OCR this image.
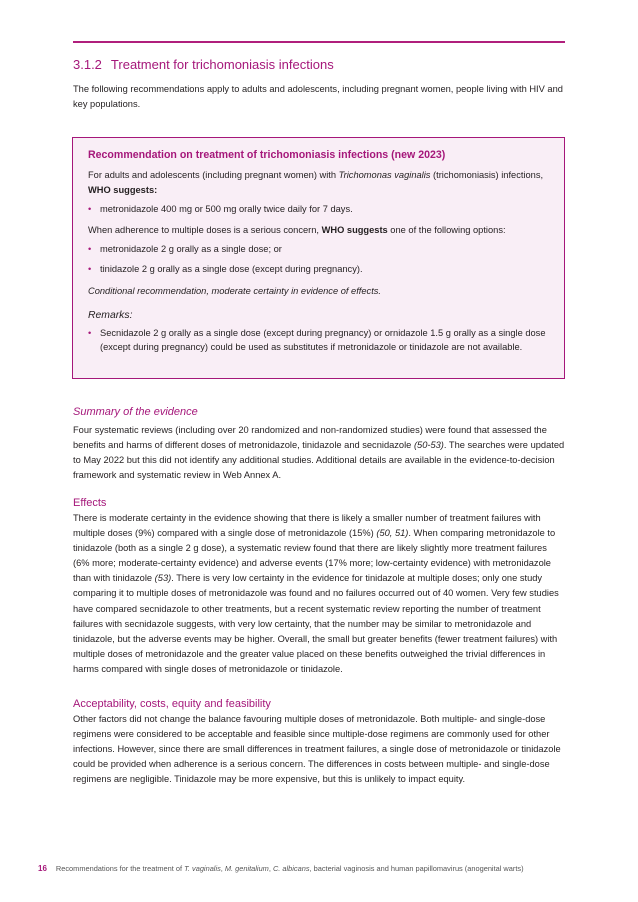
3.1.2 Treatment for trichomoniasis infections
The following recommendations apply to adults and adolescents, including pregnant women, people living with HIV and key populations.
Recommendation on treatment of trichomoniasis infections (new 2023)
For adults and adolescents (including pregnant women) with Trichomonas vaginalis (trichomoniasis) infections, WHO suggests:
• metronidazole 400 mg or 500 mg orally twice daily for 7 days.
When adherence to multiple doses is a serious concern, WHO suggests one of the following options:
• metronidazole 2 g orally as a single dose; or
• tinidazole 2 g orally as a single dose (except during pregnancy).
Conditional recommendation, moderate certainty in evidence of effects.
Remarks:
• Secnidazole 2 g orally as a single dose (except during pregnancy) or ornidazole 1.5 g orally as a single dose (except during pregnancy) could be used as substitutes if metronidazole or tinidazole are not available.
Summary of the evidence
Four systematic reviews (including over 20 randomized and non-randomized studies) were found that assessed the benefits and harms of different doses of metronidazole, tinidazole and secnidazole (50-53). The searches were updated to May 2022 but this did not identify any additional studies. Additional details are available in the evidence-to-decision framework and systematic review in Web Annex A.
Effects
There is moderate certainty in the evidence showing that there is likely a smaller number of treatment failures with multiple doses (9%) compared with a single dose of metronidazole (15%) (50, 51). When comparing metronidazole to tinidazole (both as a single 2 g dose), a systematic review found that there are likely slightly more treatment failures (6% more; moderate-certainty evidence) and adverse events (17% more; low-certainty evidence) with metronidazole than with tinidazole (53). There is very low certainty in the evidence for tinidazole at multiple doses; only one study comparing it to multiple doses of metronidazole was found and no failures occurred out of 40 women. Very few studies have compared secnidazole to other treatments, but a recent systematic review reporting the number of treatment failures with secnidazole suggests, with very low certainty, that the number may be similar to metronidazole and tinidazole, but the adverse events may be higher. Overall, the small but greater benefits (fewer treatment failures) with multiple doses of metronidazole and the greater value placed on these benefits outweighed the trivial differences in harms compared with single doses of metronidazole or tinidazole.
Acceptability, costs, equity and feasibility
Other factors did not change the balance favouring multiple doses of metronidazole. Both multiple- and single-dose regimens were considered to be acceptable and feasible since multiple-dose regimens are commonly used for other infections. However, since there are small differences in treatment failures, a single dose of metronidazole or tinidazole could be provided when adherence is a serious concern. The differences in costs between multiple- and single-dose regimens are negligible. Tinidazole may be more expensive, but this is unlikely to impact equity.
16 Recommendations for the treatment of T. vaginalis, M. genitalium, C. albicans, bacterial vaginosis and human papillomavirus (anogenital warts)
